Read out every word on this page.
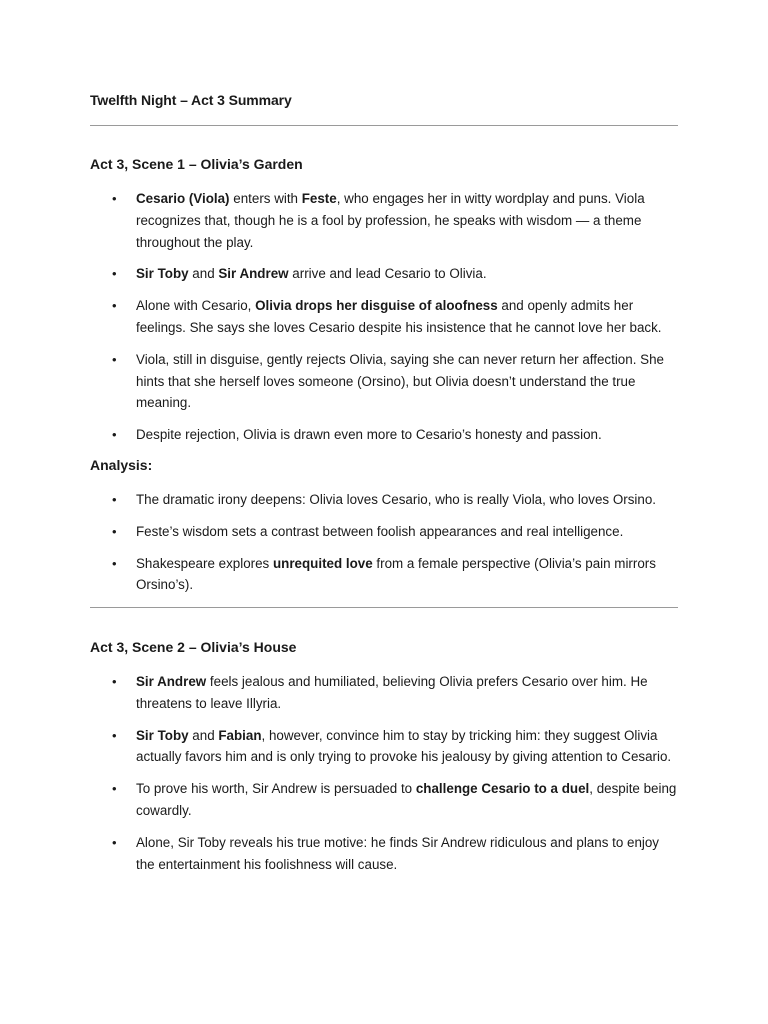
Twelfth Night – Act 3 Summary
Act 3, Scene 1 – Olivia’s Garden
• Cesario (Viola) enters with Feste, who engages her in witty wordplay and puns. Viola recognizes that, though he is a fool by profession, he speaks with wisdom — a theme throughout the play.
• Sir Toby and Sir Andrew arrive and lead Cesario to Olivia.
• Alone with Cesario, Olivia drops her disguise of aloofness and openly admits her feelings. She says she loves Cesario despite his insistence that he cannot love her back.
• Viola, still in disguise, gently rejects Olivia, saying she can never return her affection. She hints that she herself loves someone (Orsino), but Olivia doesn’t understand the true meaning.
• Despite rejection, Olivia is drawn even more to Cesario’s honesty and passion.
Analysis:
• The dramatic irony deepens: Olivia loves Cesario, who is really Viola, who loves Orsino.
• Feste’s wisdom sets a contrast between foolish appearances and real intelligence.
• Shakespeare explores unrequited love from a female perspective (Olivia’s pain mirrors Orsino’s).
Act 3, Scene 2 – Olivia’s House
• Sir Andrew feels jealous and humiliated, believing Olivia prefers Cesario over him. He threatens to leave Illyria.
• Sir Toby and Fabian, however, convince him to stay by tricking him: they suggest Olivia actually favors him and is only trying to provoke his jealousy by giving attention to Cesario.
• To prove his worth, Sir Andrew is persuaded to challenge Cesario to a duel, despite being cowardly.
• Alone, Sir Toby reveals his true motive: he finds Sir Andrew ridiculous and plans to enjoy the entertainment his foolishness will cause.
